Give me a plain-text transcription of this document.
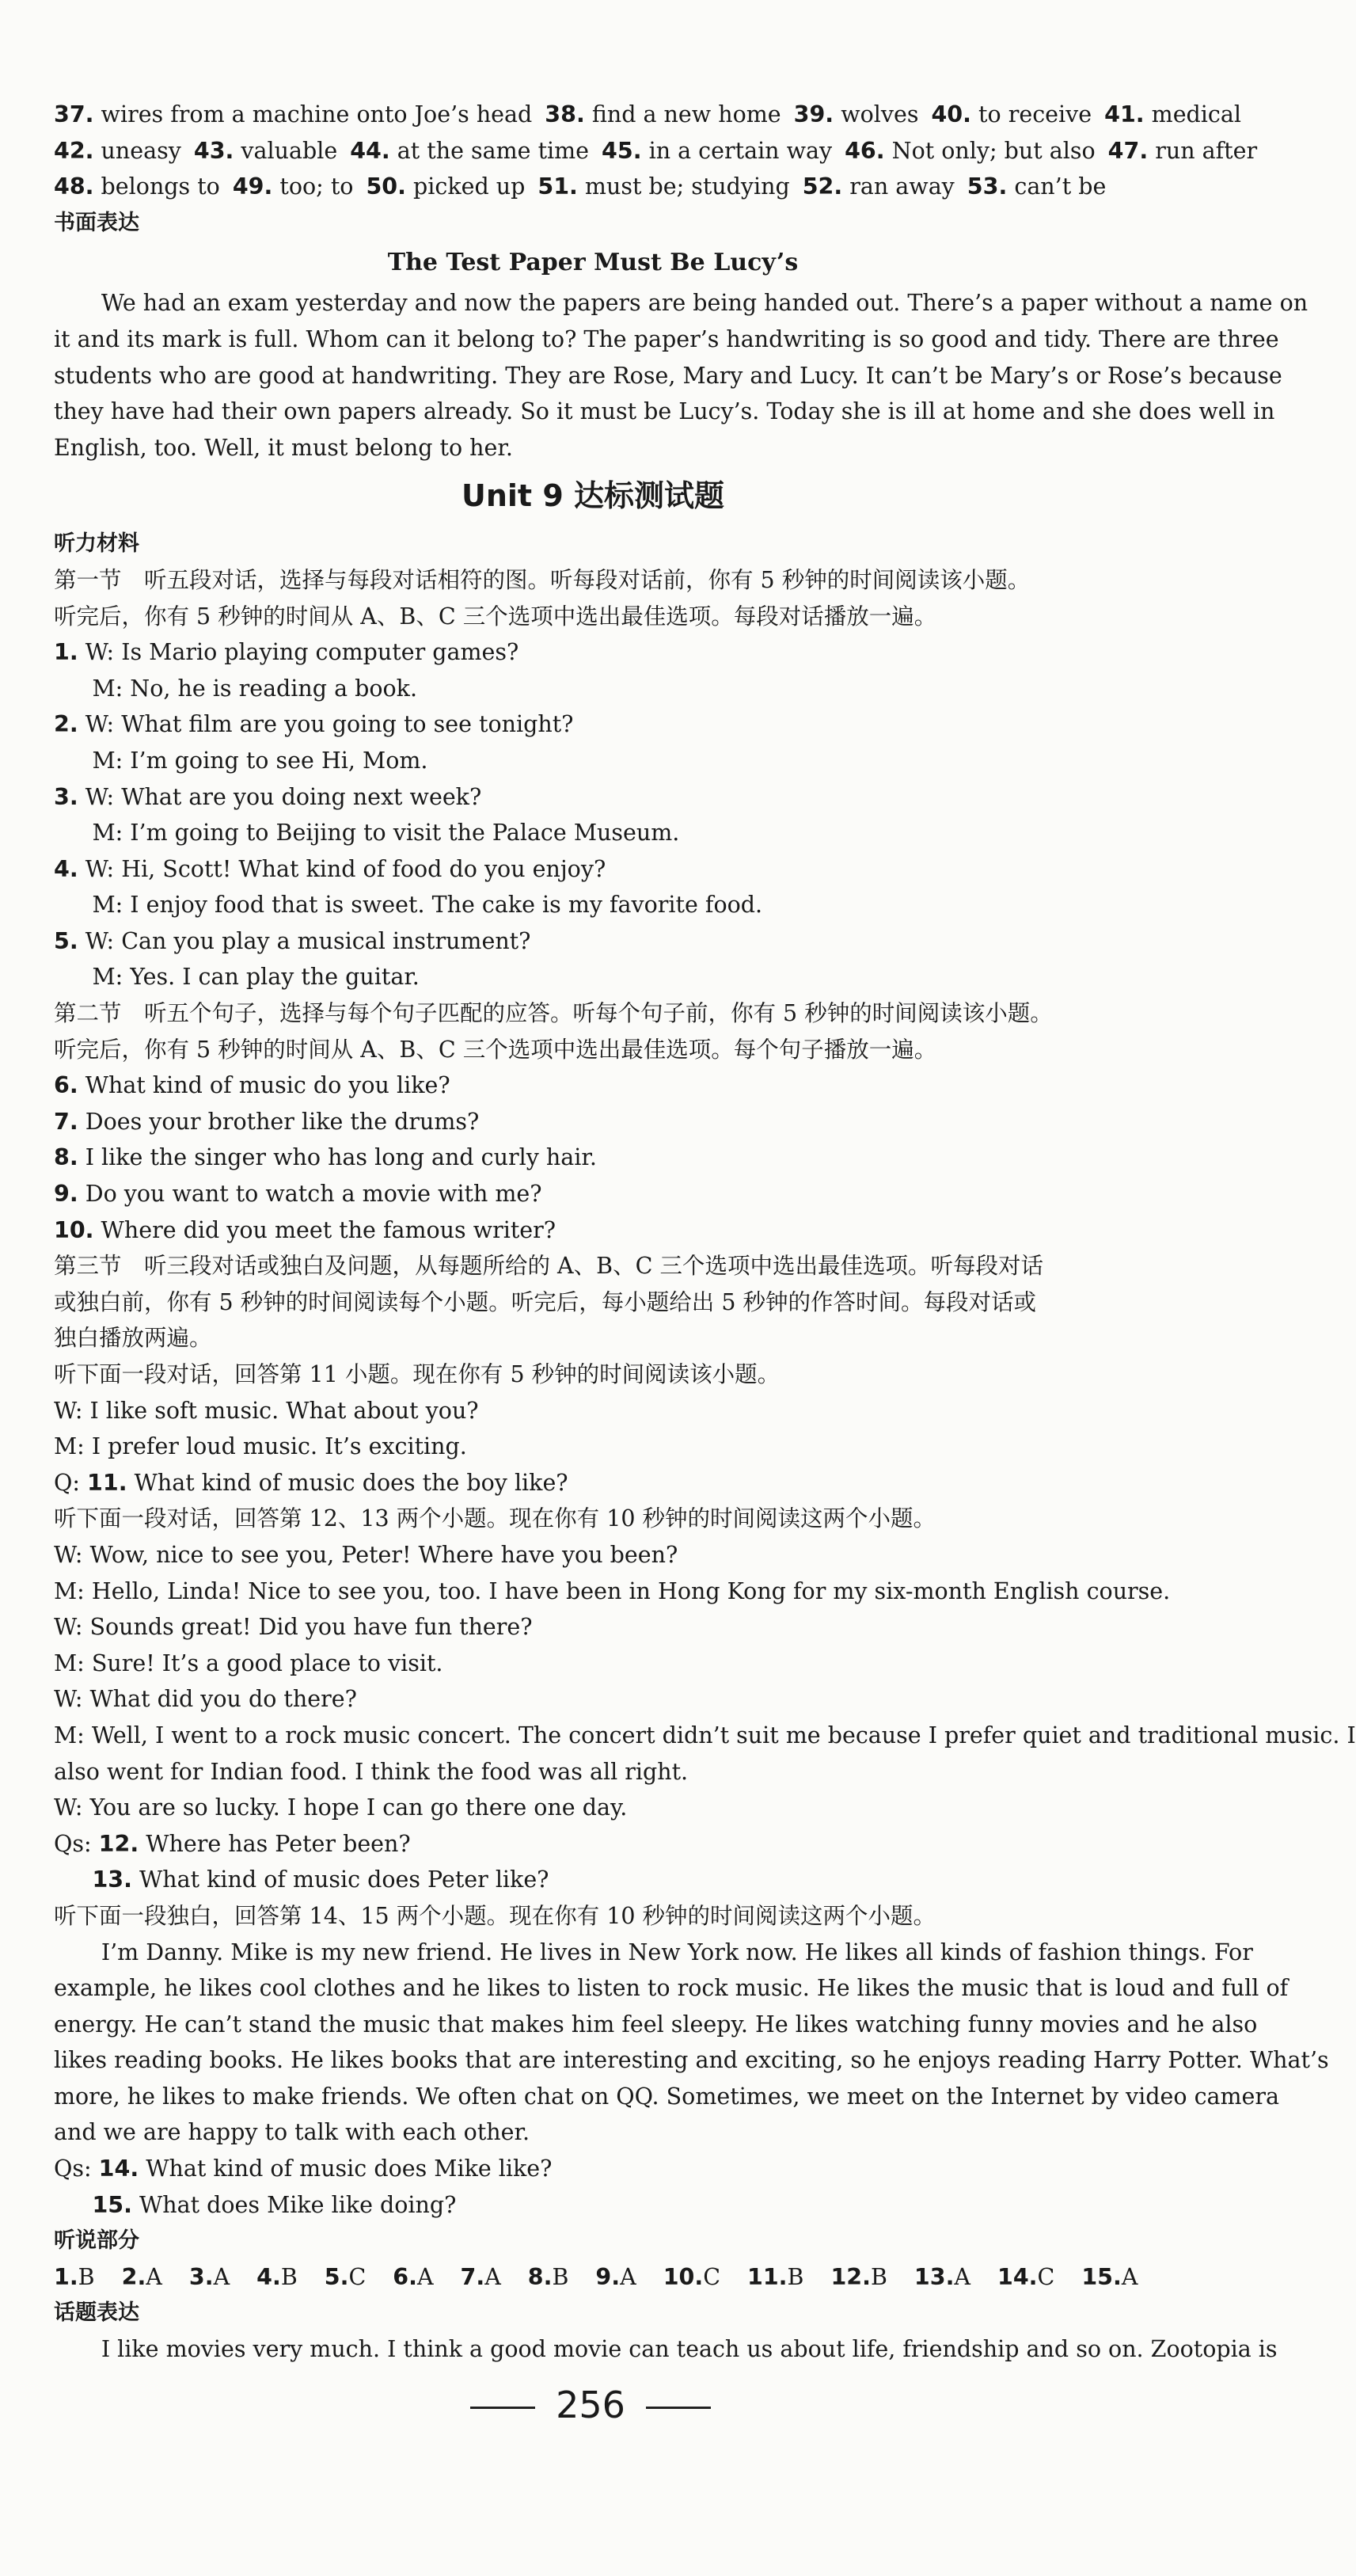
37. wires from a machine onto Joe’s head 38. find a new home 39. wolves 40. to receive 41. medical
42. uneasy 43. valuable 44. at the same time 45. in a certain way 46. Not only; but also 47. run after
48. belongs to 49. too; to 50. picked up 51. must be; studying 52. ran away 53. can’t be
书面表达
The Test Paper Must Be Lucy’s
We had an exam yesterday and now the papers are being handed out. There’s a paper without a name on
it and its mark is full. Whom can it belong to? The paper’s handwriting is so good and tidy. There are three
students who are good at handwriting. They are Rose, Mary and Lucy. It can’t be Mary’s or Rose’s because
they have had their own papers already. So it must be Lucy’s. Today she is ill at home and she does well in
English, too. Well, it must belong to her.
Unit 9 达标测试题
听力材料
第一节　听五段对话，选择与每段对话相符的图。听每段对话前，你有 5 秒钟的时间阅读该小题。
听完后，你有 5 秒钟的时间从 A、B、C 三个选项中选出最佳选项。每段对话播放一遍。
1. W: Is Mario playing computer games?
M: No, he is reading a book.
2. W: What film are you going to see tonight?
M: I’m going to see Hi, Mom.
3. W: What are you doing next week?
M: I’m going to Beijing to visit the Palace Museum.
4. W: Hi, Scott! What kind of food do you enjoy?
M: I enjoy food that is sweet. The cake is my favorite food.
5. W: Can you play a musical instrument?
M: Yes. I can play the guitar.
第二节　听五个句子，选择与每个句子匹配的应答。听每个句子前，你有 5 秒钟的时间阅读该小题。
听完后，你有 5 秒钟的时间从 A、B、C 三个选项中选出最佳选项。每个句子播放一遍。
6. What kind of music do you like?
7. Does your brother like the drums?
8. I like the singer who has long and curly hair.
9. Do you want to watch a movie with me?
10. Where did you meet the famous writer?
第三节　听三段对话或独白及问题，从每题所给的 A、B、C 三个选项中选出最佳选项。听每段对话
或独白前，你有 5 秒钟的时间阅读每个小题。听完后，每小题给出 5 秒钟的作答时间。每段对话或
独白播放两遍。
听下面一段对话，回答第 11 小题。现在你有 5 秒钟的时间阅读该小题。
W: I like soft music. What about you?
M: I prefer loud music. It’s exciting.
Q: 11. What kind of music does the boy like?
听下面一段对话，回答第 12、13 两个小题。现在你有 10 秒钟的时间阅读这两个小题。
W: Wow, nice to see you, Peter! Where have you been?
M: Hello, Linda! Nice to see you, too. I have been in Hong Kong for my six-month English course.
W: Sounds great! Did you have fun there?
M: Sure! It’s a good place to visit.
W: What did you do there?
M: Well, I went to a rock music concert. The concert didn’t suit me because I prefer quiet and traditional music. I
also went for Indian food. I think the food was all right.
W: You are so lucky. I hope I can go there one day.
Qs: 12. Where has Peter been?
13. What kind of music does Peter like?
听下面一段独白，回答第 14、15 两个小题。现在你有 10 秒钟的时间阅读这两个小题。
I’m Danny. Mike is my new friend. He lives in New York now. He likes all kinds of fashion things. For
example, he likes cool clothes and he likes to listen to rock music. He likes the music that is loud and full of
energy. He can’t stand the music that makes him feel sleepy. He likes watching funny movies and he also
likes reading books. He likes books that are interesting and exciting, so he enjoys reading Harry Potter. What’s
more, he likes to make friends. We often chat on QQ. Sometimes, we meet on the Internet by video camera
and we are happy to talk with each other.
Qs: 14. What kind of music does Mike like?
15. What does Mike like doing?
听说部分
1.B 2.A 3.A 4.B 5.C 6.A 7.A 8.B 9.A 10.C 11.B 12.B 13.A 14.C 15.A
话题表达
I like movies very much. I think a good movie can teach us about life, friendship and so on. Zootopia is
256
